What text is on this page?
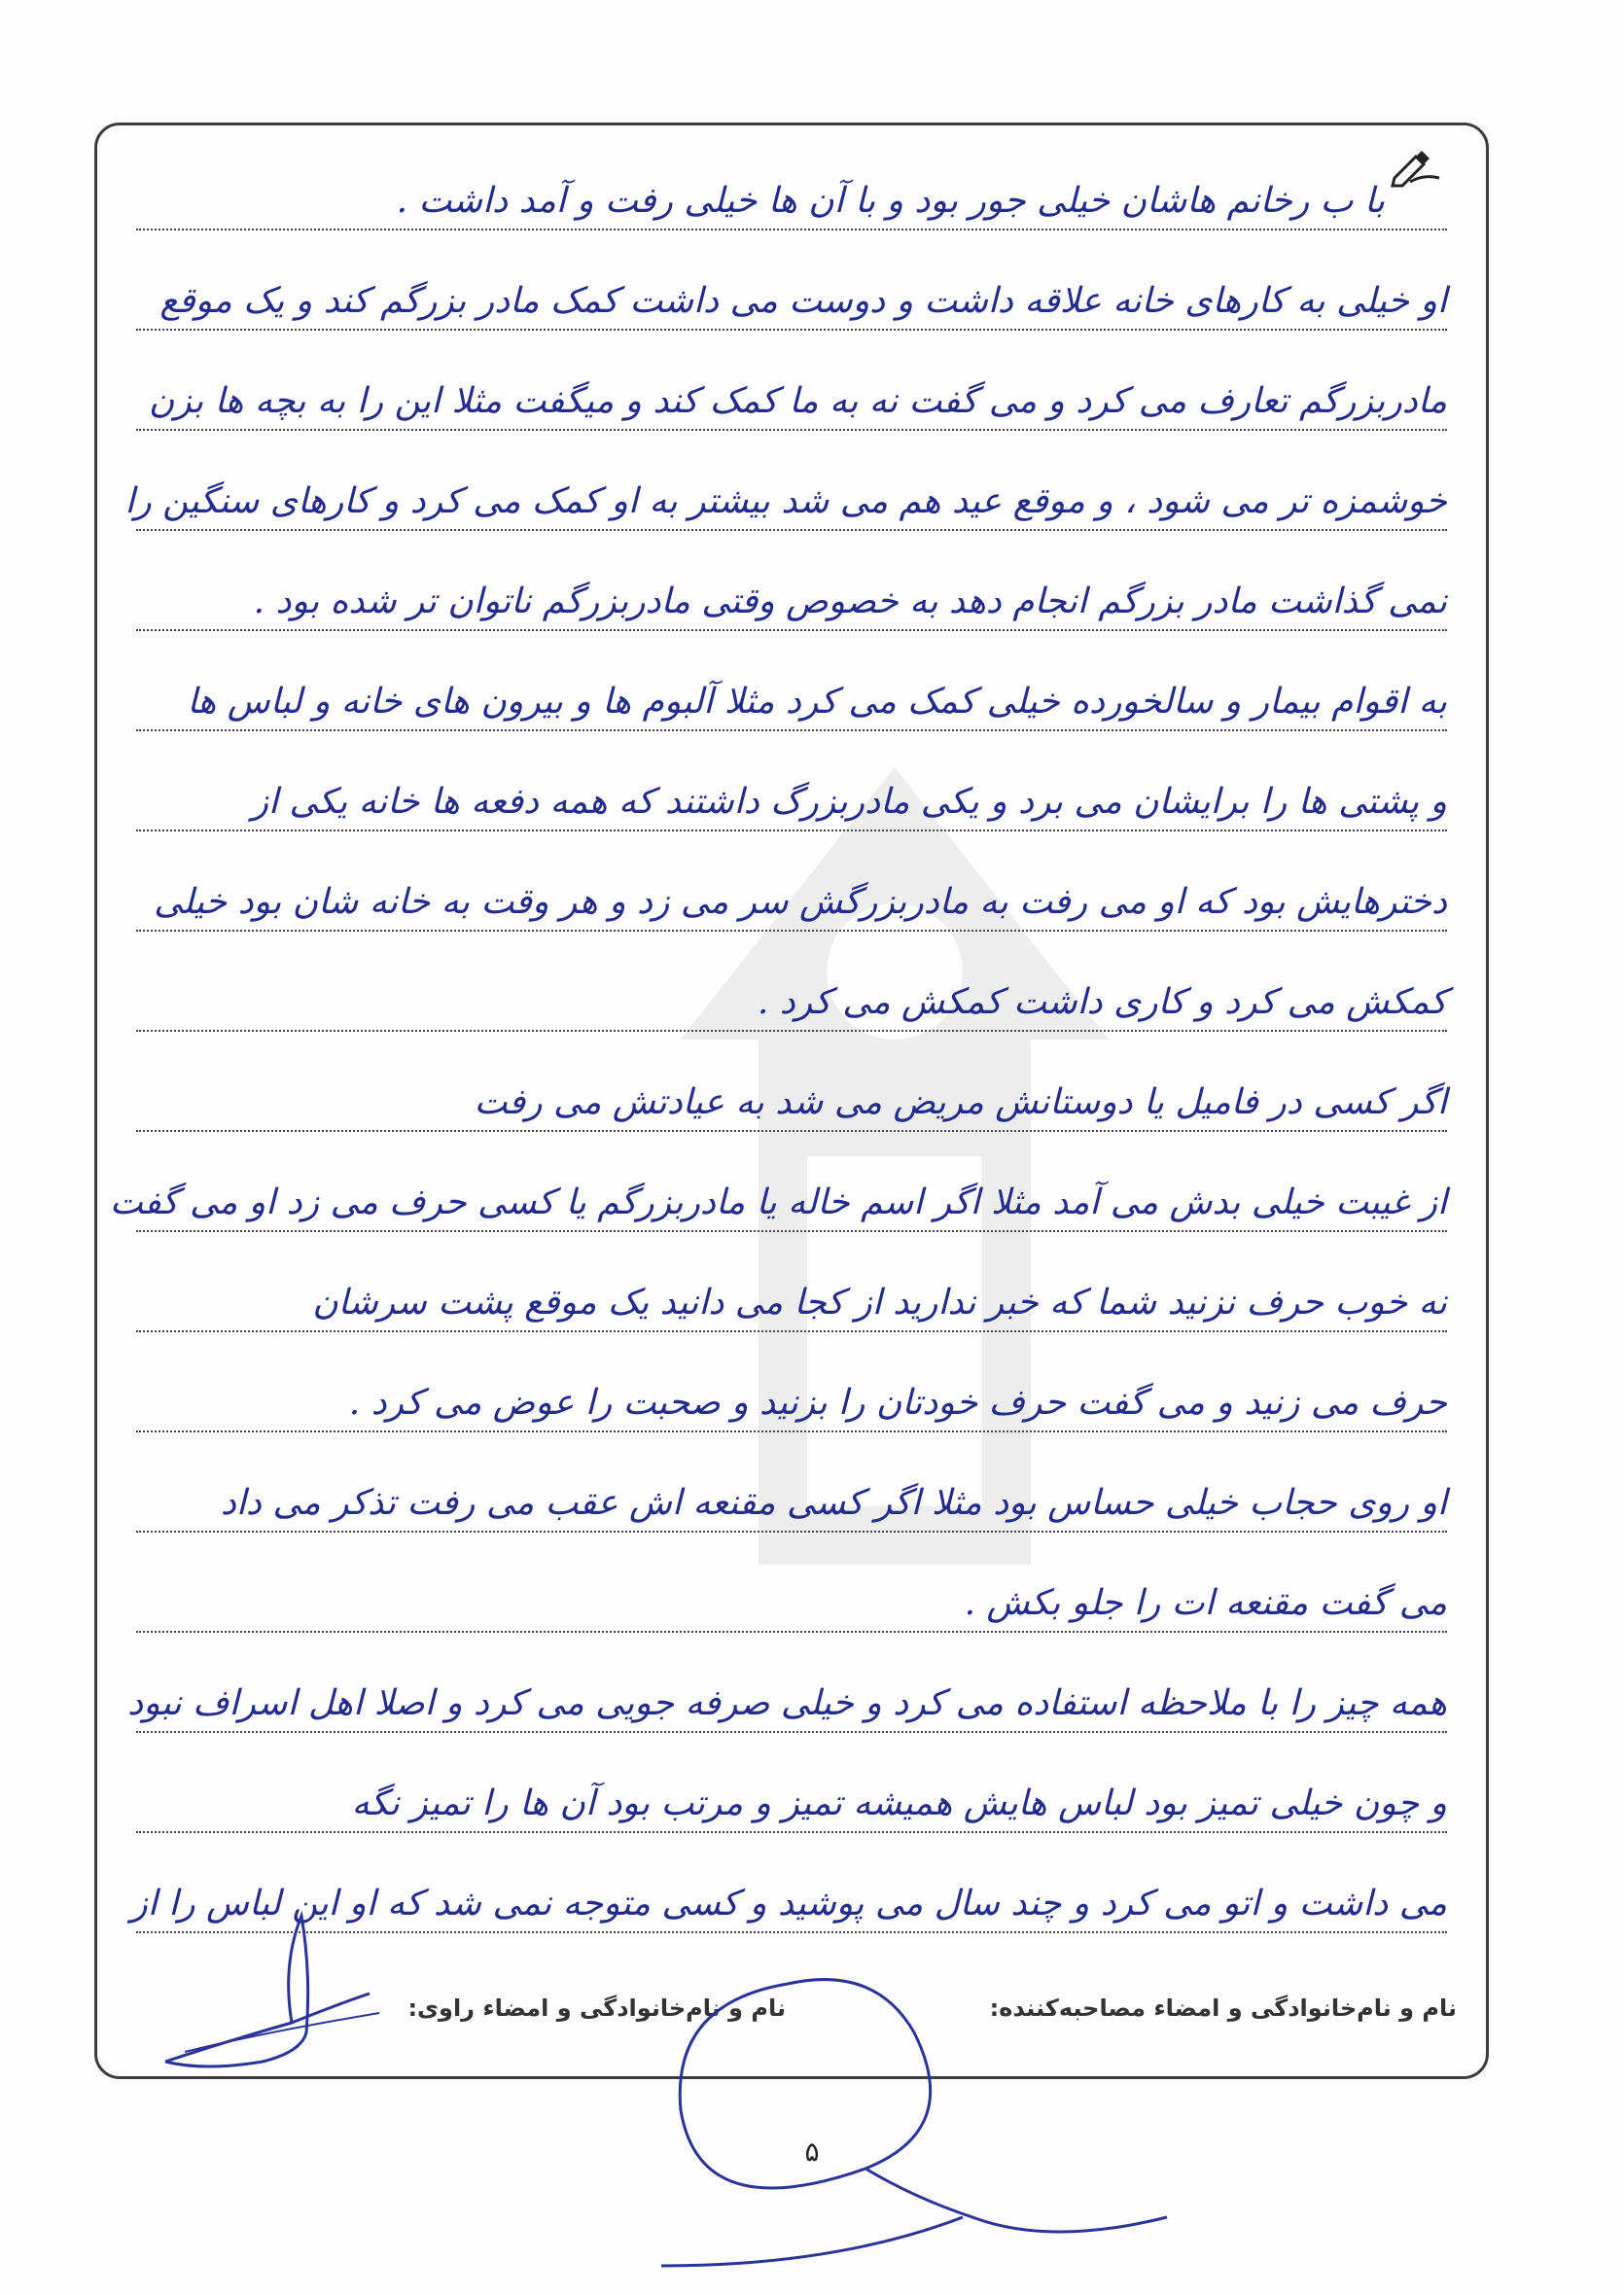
با ب رخانم هاشان خیلی جور بود و با آن ها خیلی رفت و آمد داشت .
او خیلی به کارهای خانه علاقه داشت و دوست می داشت کمک مادر بزرگم کند و یک موقع
مادربزرگم تعارف می کرد و می گفت نه به ما کمک کند و میگفت مثلا این را به بچه ها بزن
خوشمزه تر می شود ، و موقع عید هم می شد بیشتر به او کمک می کرد و کارهای سنگین را
نمی گذاشت مادر بزرگم انجام دهد به خصوص وقتی مادربزرگم ناتوان تر شده بود .
به اقوام بیمار و سالخورده خیلی کمک می کرد مثلا آلبوم ها و بیرون های خانه و لباس ها
و پشتی ها را برایشان می برد و یکی مادربزرگ داشتند که همه دفعه ها خانه یکی از
دخترهایش بود که او می رفت به مادربزرگش سر می زد و هر وقت به خانه شان بود خیلی
کمکش می کرد و کاری داشت کمکش می کرد .
اگر کسی در فامیل یا دوستانش مریض می شد به عیادتش می رفت
از غیبت خیلی بدش می آمد مثلا اگر اسم خاله یا مادربزرگم یا کسی حرف می زد او می گفت
نه خوب حرف نزنید شما که خبر ندارید از کجا می دانید یک موقع پشت سرشان
حرف می زنید و می گفت حرف خودتان را بزنید و صحبت را عوض می کرد .
او روی حجاب خیلی حساس بود مثلا اگر کسی مقنعه اش عقب می رفت تذکر می داد
می گفت مقنعه ات را جلو بکش .
همه چیز را با ملاحظه استفاده می کرد و خیلی صرفه جویی می کرد و اصلا اهل اسراف نبود
و چون خیلی تمیز بود لباس هایش همیشه تمیز و مرتب بود آن ها را تمیز نگه
می داشت و اتو می کرد و چند سال می پوشید و کسی متوجه نمی شد که او این لباس را از
نام و نام‌خانوادگی و امضاء مصاحبه‌کننده:
نام و نام‌خانوادگی و امضاء راوی:
۵
